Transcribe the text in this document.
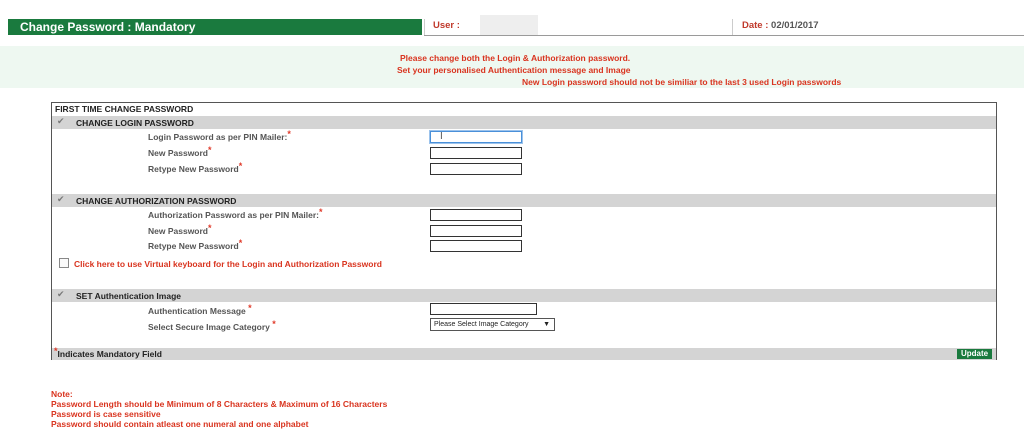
Change Password : Mandatory	User :	Date : 02/01/2017
Please change both the Login & Authorization password.
Set your personalised Authentication message and Image
New Login password should not be similiar to the last 3 used Login passwords
FIRST TIME CHANGE PASSWORD
✔ CHANGE LOGIN PASSWORD
Login Password as per PIN Mailer:*	I
New Password*
Retype New Password*
✔ CHANGE AUTHORIZATION PASSWORD
Authorization Password as per PIN Mailer:*
New Password*
Retype New Password*
Click here to use Virtual keyboard for the Login and Authorization Password
✔ SET Authentication Image
Authentication Message *
Select Secure Image Category *	Please Select Image Category ▼
*Indicates Mandatory Field	Update
Note:
Password Length should be Minimum of 8 Characters & Maximum of 16 Characters
Password is case sensitive
Password should contain atleast one numeral and one alphabet
